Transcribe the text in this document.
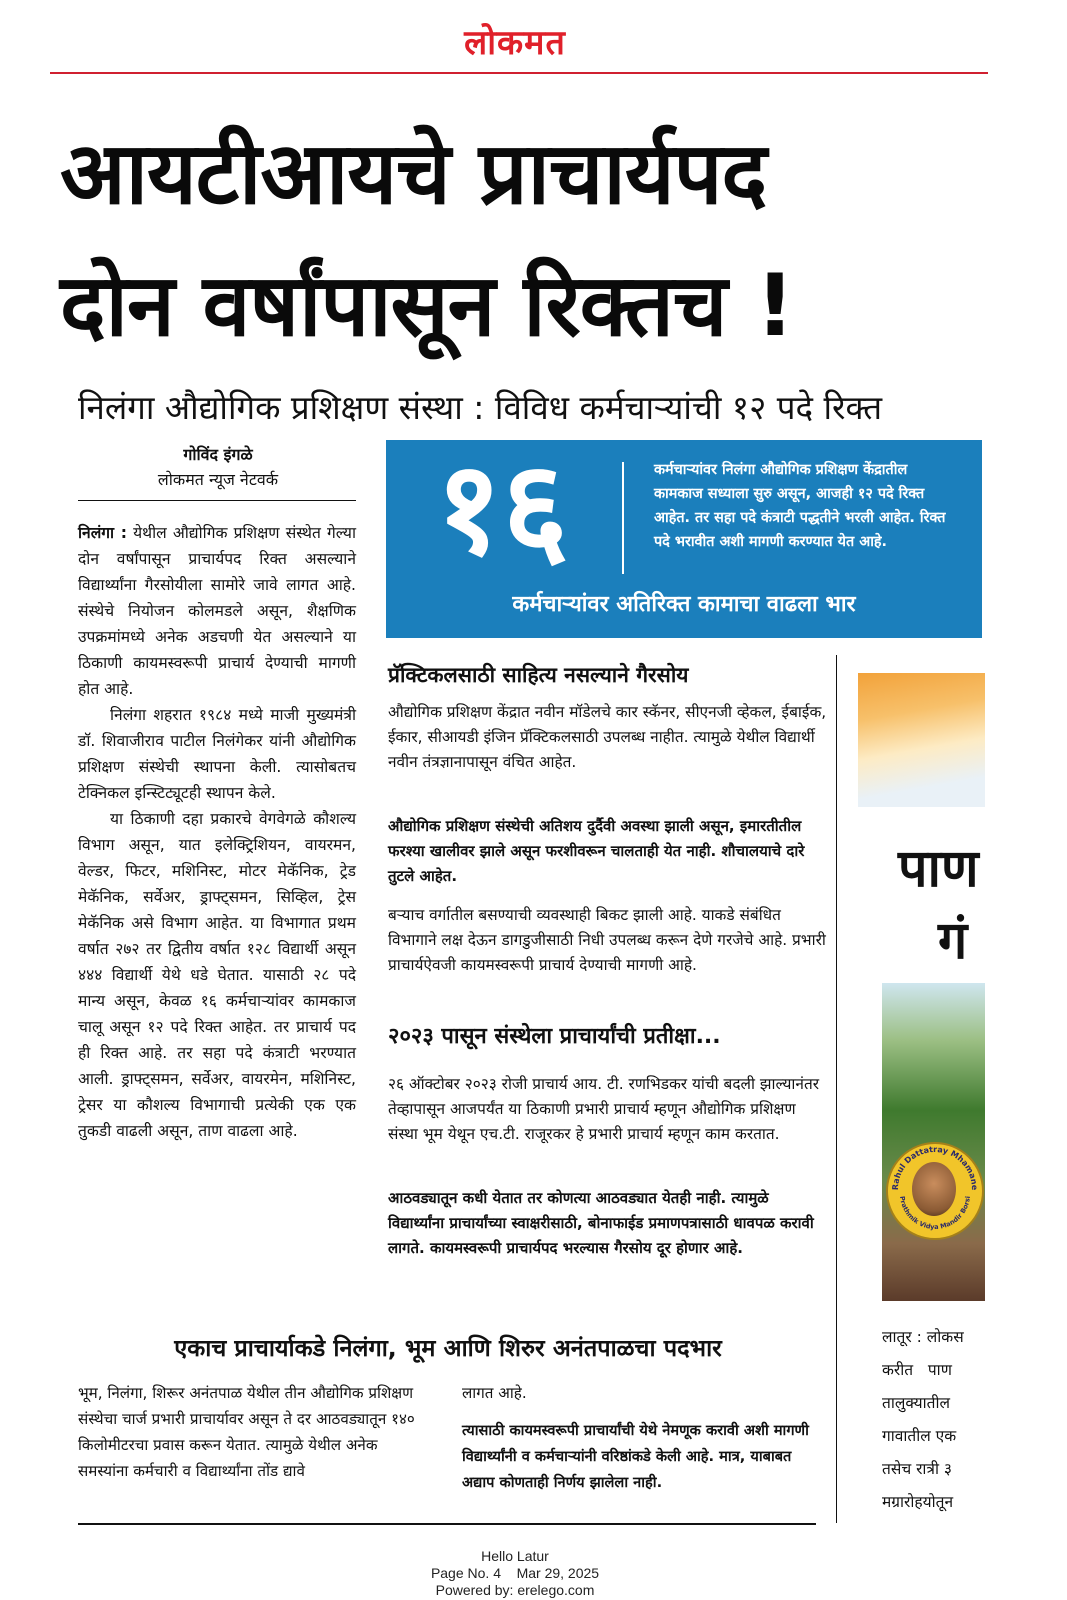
लोकमत
आयटीआयचे प्राचार्यपद
दोन वर्षांपासून रिक्तच !
निलंगा औद्योगिक प्रशिक्षण संस्था : विविध कर्मचाऱ्यांची १२ पदे रिक्त
गोविंद इंगळे
लोकमत न्यूज नेटवर्क

निलंगा : येथील औद्योगिक प्रशिक्षण संस्थेत गेल्या दोन वर्षांपासून प्राचार्यपद रिक्त असल्याने विद्यार्थ्यांना गैरसोयीला सामोरे जावे लागत आहे. संस्थेचे नियोजन कोलमडले असून, शैक्षणिक उपक्रमांमध्ये अनेक अडचणी येत असल्याने या ठिकाणी कायमस्वरूपी प्राचार्य देण्याची मागणी होत आहे.

निलंगा शहरात १९८४ मध्ये माजी मुख्यमंत्री डॉ. शिवाजीराव पाटील निलंगेकर यांनी औद्योगिक प्रशिक्षण संस्थेची स्थापना केली. त्यासोबतच टेक्निकल इन्स्टिट्यूटही स्थापन केले.

या ठिकाणी दहा प्रकारचे वेगवेगळे कौशल्य विभाग असून, यात इलेक्ट्रिशियन, वायरमन, वेल्डर, फिटर, मशिनिस्ट, मोटर मेकॅनिक, ट्रेड मेकॅनिक, सर्वेअर, ड्राफ्ट्समन, सिव्हिल, ट्रेस मेकॅनिक असे विभाग आहेत. या विभागात प्रथम वर्षात २७२ तर द्वितीय वर्षात १२८ विद्यार्थी असून ४४४ विद्यार्थी येथे धडे घेतात. यासाठी २८ पदे मान्य असून, केवळ १६ कर्मचाऱ्यांवर कामकाज चालू असून १२ पदे रिक्त आहेत. तर प्राचार्य पद ही रिक्त आहे. तर सहा पदे कंत्राटी भरण्यात आली. ड्राफ्ट्समन, सर्वेअर, वायरमेन, मशिनिस्ट, ट्रेसर या कौशल्य विभागाची प्रत्येकी एक एक तुकडी वाढली असून, ताण वाढला आहे.

१६	कर्मचाऱ्यांवर निलंगा औद्योगिक प्रशिक्षण केंद्रातील कामकाज सध्याला सुरु असून, आजही १२ पदे रिक्त आहेत. तर सहा पदे कंत्राटी पद्धतीने भरली आहेत. रिक्त पदे भरावीत अशी मागणी करण्यात येत आहे.
कर्मचाऱ्यांवर अतिरिक्त कामाचा वाढला भार
प्रॅक्टिकलसाठी साहित्य नसल्याने गैरसोय
औद्योगिक प्रशिक्षण केंद्रात नवीन मॉडेलचे कार स्कॅनर, सीएनजी व्हेकल, ईबाईक, ईकार, सीआयडी इंजिन प्रॅक्टिकलसाठी उपलब्ध नाहीत. त्यामुळे येथील विद्यार्थी नवीन तंत्रज्ञानापासून वंचित आहेत.
औद्योगिक प्रशिक्षण संस्थेची अतिशय दुर्दैवी अवस्था झाली असून, इमारतीतील फरश्या खालीवर झाले असून फरशीवरून चालताही येत नाही. शौचालयाचे दारे तुटले आहेत.
बऱ्याच वर्गातील बसण्याची व्यवस्थाही बिकट झाली आहे. याकडे संबंधित विभागाने लक्ष देऊन डागडुजीसाठी निधी उपलब्ध करून देणे गरजेचे आहे. प्रभारी प्राचार्यऐवजी कायमस्वरूपी प्राचार्य देण्याची मागणी आहे.
२०२३ पासून संस्थेला प्राचार्यांची प्रतीक्षा...
२६ ऑक्टोबर २०२३ रोजी प्राचार्य आय. टी. रणभिडकर यांची बदली झाल्यानंतर तेव्हापासून आजपर्यंत या ठिकाणी प्रभारी प्राचार्य म्हणून औद्योगिक प्रशिक्षण संस्था भूम येथून एच.टी. राजूरकर हे प्रभारी प्राचार्य म्हणून काम करतात.
आठवड्यातून कधी येतात तर कोणत्या आठवड्यात येतही नाही. त्यामुळे विद्यार्थ्यांना प्राचार्यांच्या स्वाक्षरीसाठी, बोनाफाईड प्रमाणपत्रासाठी धावपळ करावी लागते. कायमस्वरूपी प्राचार्यपद भरल्यास गैरसोय दूर होणार आहे.
पाण
गं
लातूर : लोकस
करीत   पाण
तालुक्यातील
गावातील एक
तसेच रात्री ३
मग्रारोहयोतून
Rahul Dattatray Mhamane
Prathmik Vidya Mandir Borsi
एकाच प्राचार्याकडे निलंगा, भूम आणि शिरुर अनंतपाळचा पदभार
भूम, निलंगा, शिरूर अनंतपाळ येथील तीन औद्योगिक प्रशिक्षण संस्थेचा चार्ज प्रभारी प्राचार्यावर असून ते दर आठवड्यातून १४० किलोमीटरचा प्रवास करून येतात. त्यामुळे येथील अनेक समस्यांना कर्मचारी व विद्यार्थ्यांना तोंड द्यावे
लागत आहे.
त्यासाठी कायमस्वरूपी प्राचार्यांची येथे नेमणूक करावी अशी मागणी विद्यार्थ्यांनी व कर्मचाऱ्यांनी वरिष्ठांकडे केली आहे. मात्र, याबाबत अद्याप कोणताही निर्णय झालेला नाही.
Hello Latur
Page No. 4 Mar 29, 2025
Powered by: erelego.com
